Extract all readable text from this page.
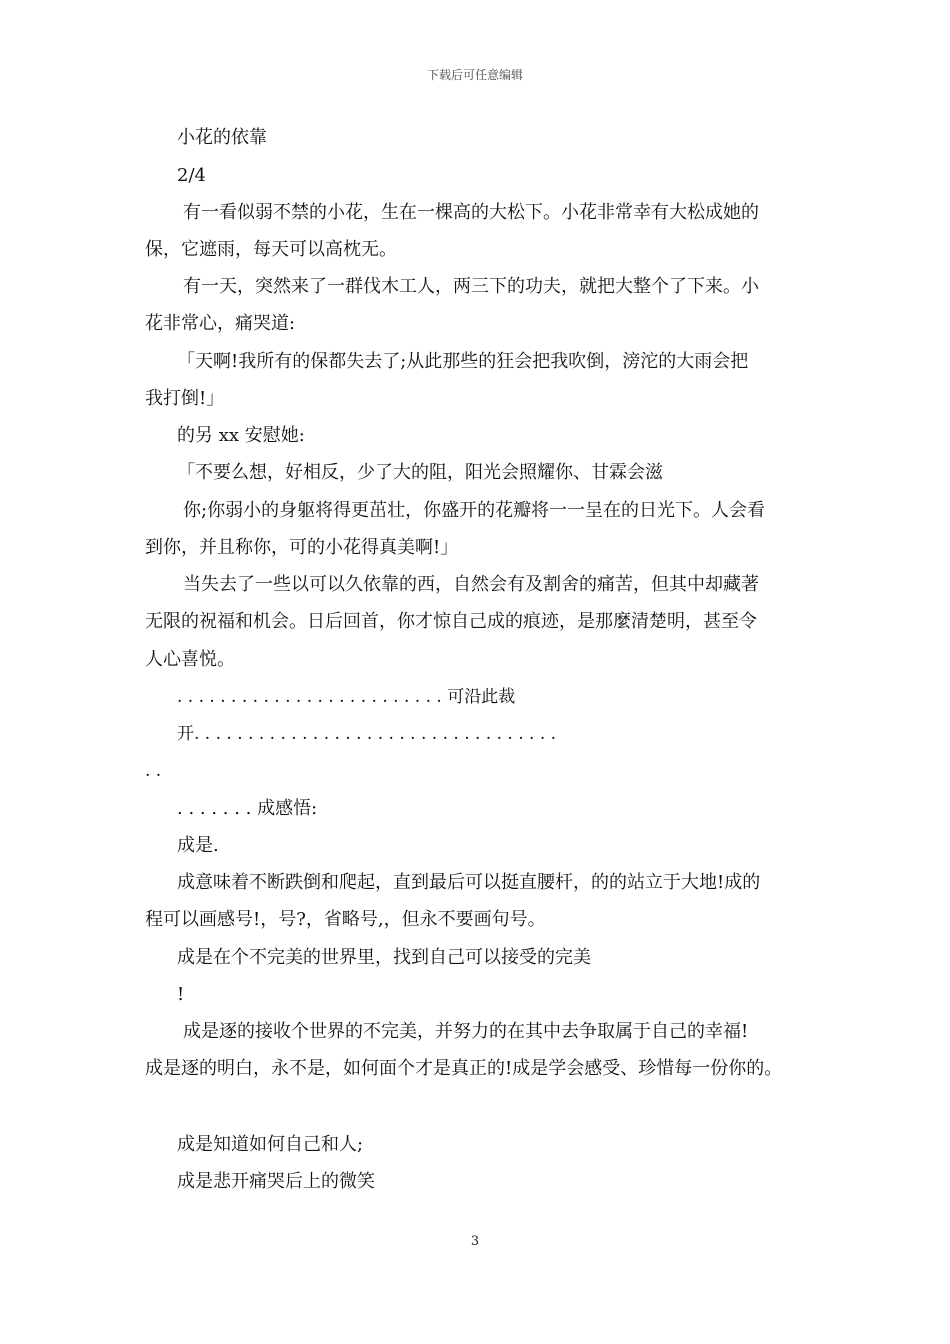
下载后可任意编辑
小花的依靠
2/4
有一看似弱不禁的小花，生在一棵高的大松下。小花非常幸有大松成她的
保，它遮雨，每天可以高枕无。
有一天，突然来了一群伐木工人，两三下的功夫，就把大整个了下来。小
花非常心，痛哭道:
「天啊!我所有的保都失去了;从此那些的狂会把我吹倒，滂沱的大雨会把
我打倒!」
的另 xx 安慰她:
「不要么想，好相反，少了大的阻，阳光会照耀你、甘霖会滋
你;你弱小的身躯将得更茁壮，你盛开的花瓣将一一呈在的日光下。人会看
到你，并且称你，可的小花得真美啊!」
当失去了一些以可以久依靠的西，自然会有及割舍的痛苦，但其中却藏著
无限的祝福和机会。日后回首，你才惊自己成的痕迹，是那麼清楚明，甚至令
人心喜悦。
. . . . . . . . . . . . . . . . . . . . . . . . . 可沿此裁
开. . . . . . . . . . . . . . . . . . . . . . . . . . . . . . . . . .
. .
. . . . . . . 成感悟:
成是.
成意味着不断跌倒和爬起，直到最后可以挺直腰杆，的的站立于大地!成的
程可以画感号!，号?，省略号,，但永不要画句号。
成是在个不完美的世界里，找到自己可以接受的完美
!
成是逐的接收个世界的不完美，并努力的在其中去争取属于自己的幸福!
成是逐的明白，永不是，如何面个才是真正的!成是学会感受、珍惜每一份你的。
成是知道如何自己和人;
成是悲开痛哭后上的微笑
3
